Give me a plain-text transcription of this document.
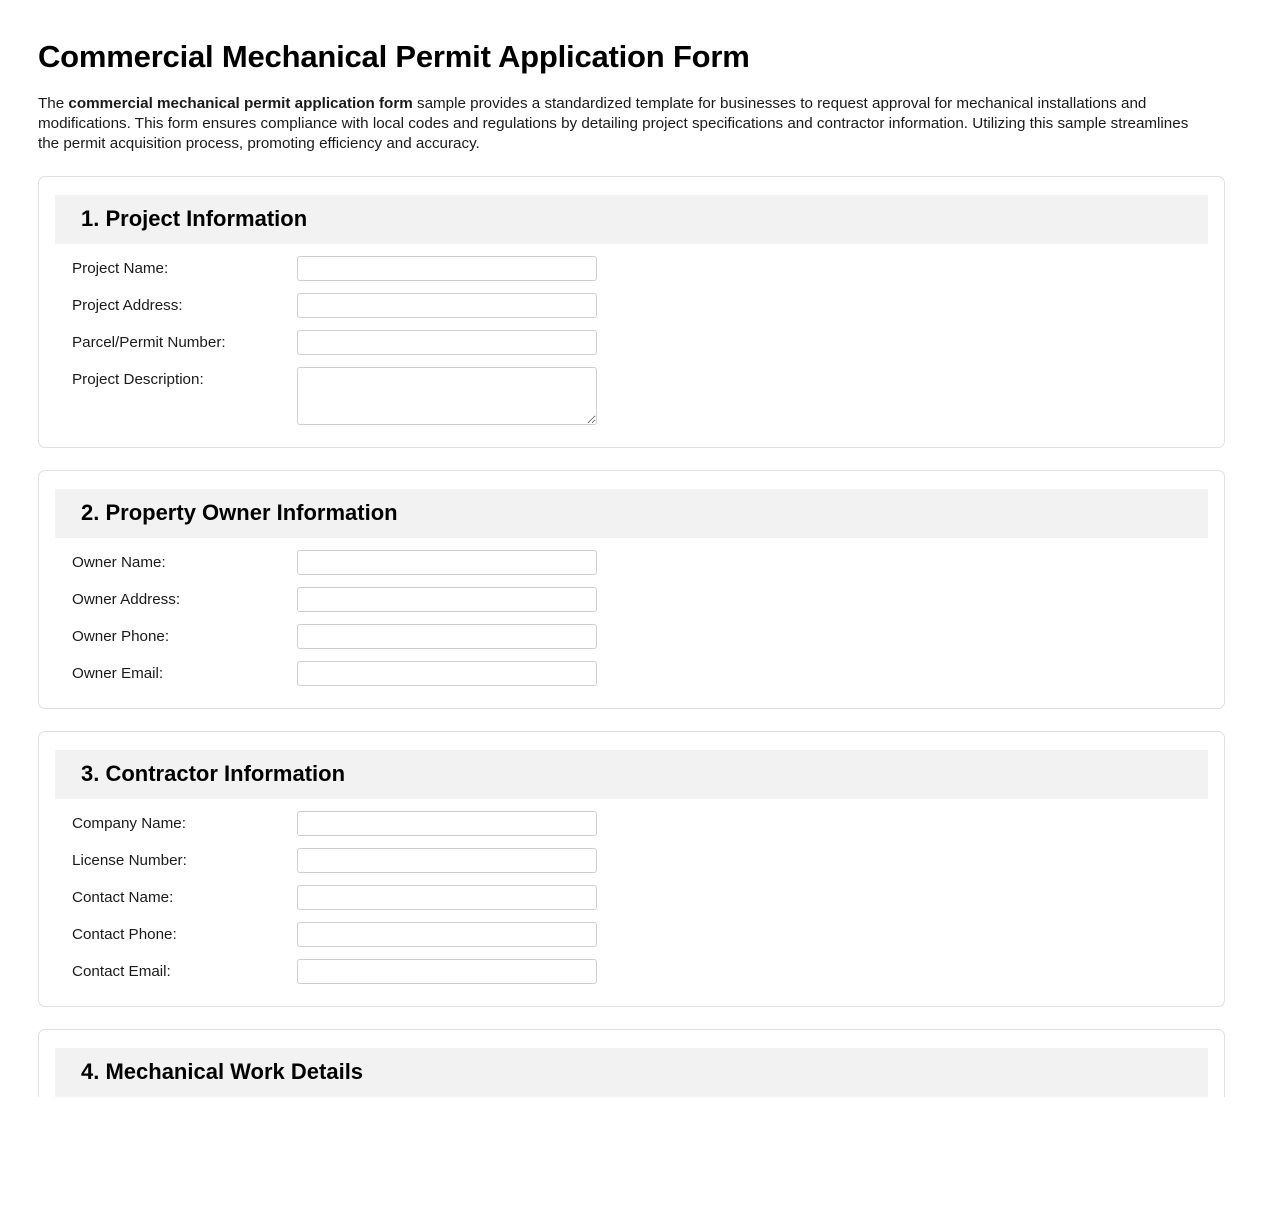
Commercial Mechanical Permit Application Form

The commercial mechanical permit application form sample provides a standardized template for businesses to request approval for mechanical installations and modifications. This form ensures compliance with local codes and regulations by detailing project specifications and contractor information. Utilizing this sample streamlines the permit acquisition process, promoting efficiency and accuracy.

1. Project Information
Project Name:
Project Address:
Parcel/Permit Number:
Project Description:
2. Property Owner Information
Owner Name:
Owner Address:
Owner Phone:
Owner Email:
3. Contractor Information
Company Name:
License Number:
Contact Name:
Contact Phone:
Contact Email:
4. Mechanical Work Details
